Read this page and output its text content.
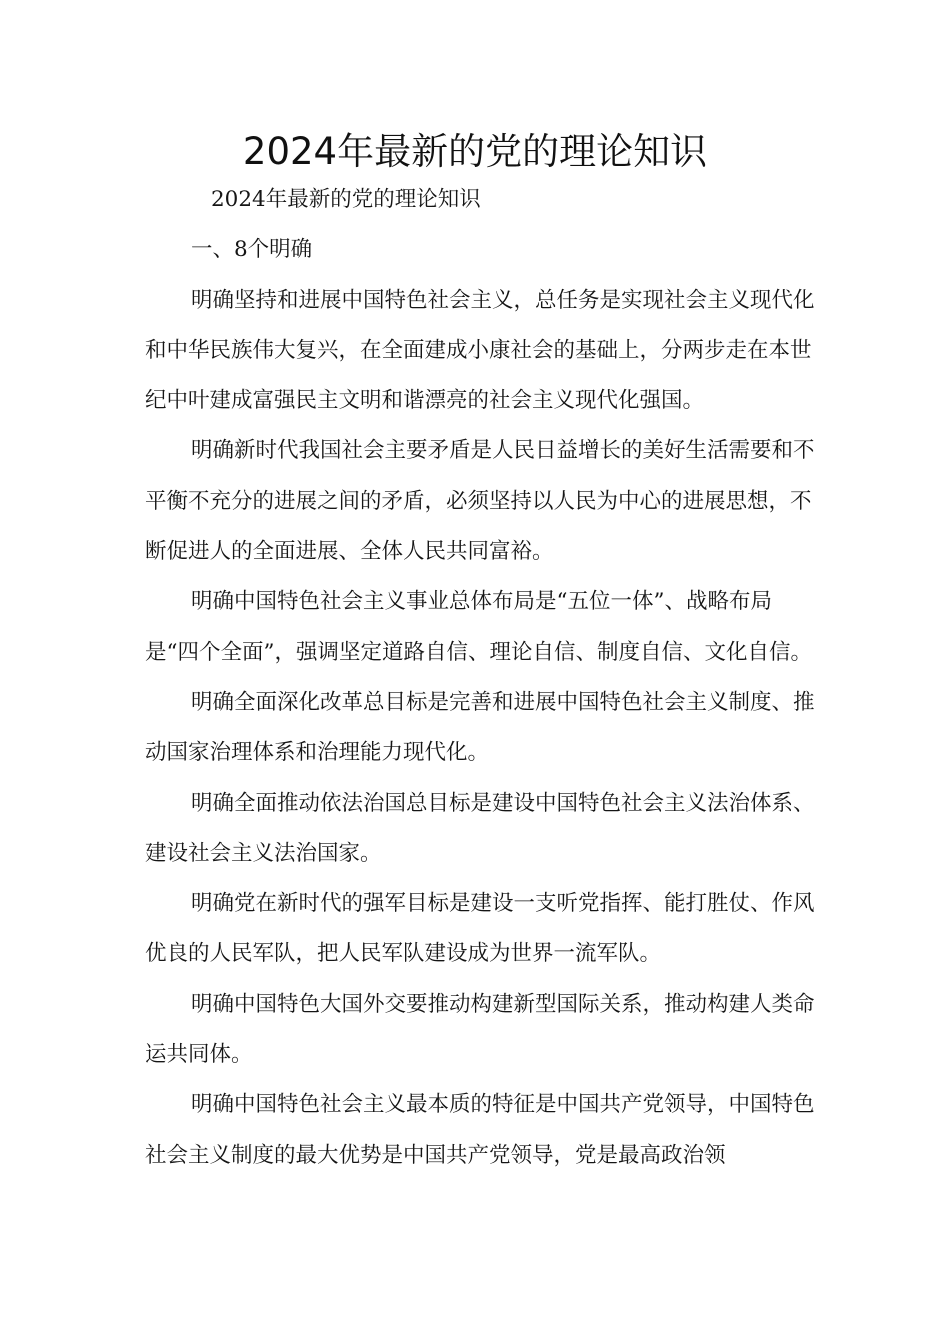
2024年最新的党的理论知识

2024年最新的党的理论知识

一、8个明确

明确坚持和进展中国特色社会主义，总任务是实现社会主义现代化和中华民族伟大复兴，在全面建成小康社会的基础上，分两步走在本世纪中叶建成富强民主文明和谐漂亮的社会主义现代化强国。

明确新时代我国社会主要矛盾是人民日益增长的美好生活需要和不平衡不充分的进展之间的矛盾，必须坚持以人民为中心的进展思想，不断促进人的全面进展、全体人民共同富裕。

明确中国特色社会主义事业总体布局是“五位一体”、战略布局是“四个全面”，强调坚定道路自信、理论自信、制度自信、文化自信。

明确全面深化改革总目标是完善和进展中国特色社会主义制度、推动国家治理体系和治理能力现代化。

明确全面推动依法治国总目标是建设中国特色社会主义法治体系、建设社会主义法治国家。

明确党在新时代的强军目标是建设一支听党指挥、能打胜仗、作风优良的人民军队，把人民军队建设成为世界一流军队。

明确中国特色大国外交要推动构建新型国际关系，推动构建人类命运共同体。

明确中国特色社会主义最本质的特征是中国共产党领导，中国特色社会主义制度的最大优势是中国共产党领导，党是最高政治领
